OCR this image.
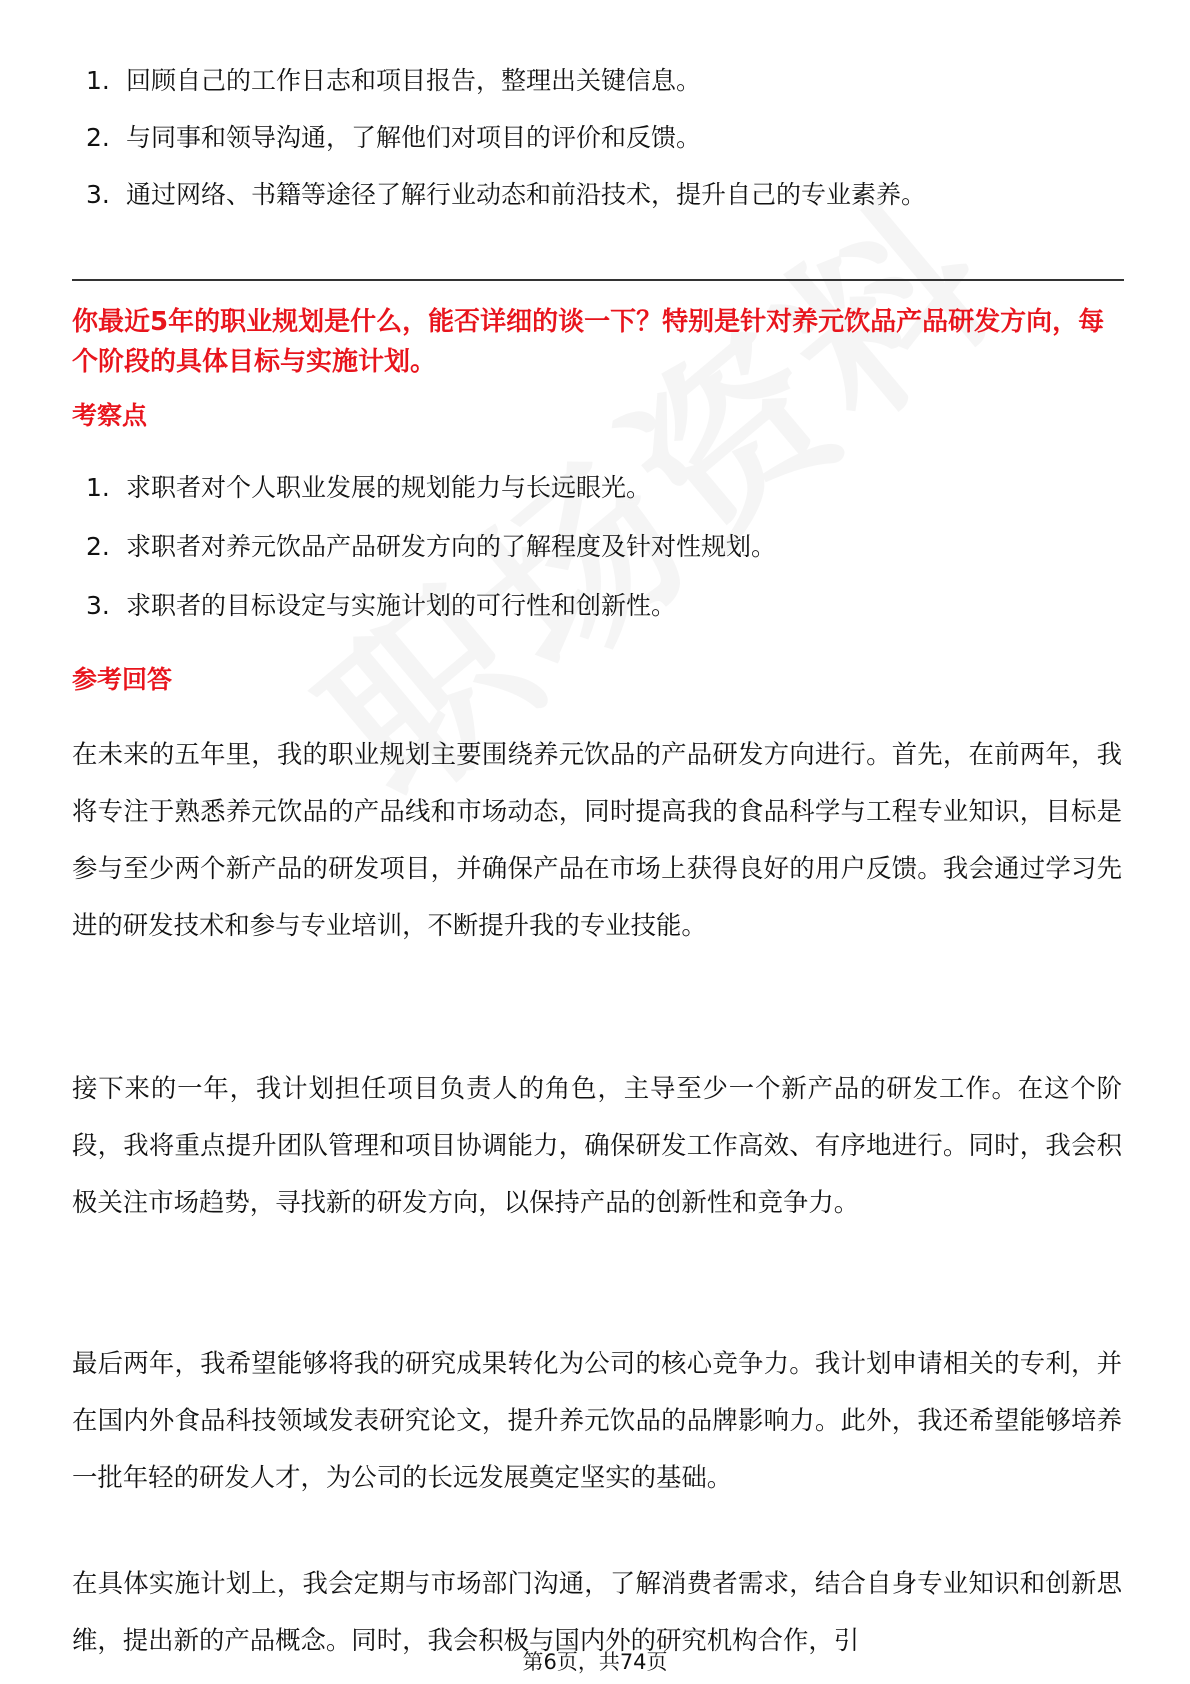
1. 回顾自己的工作日志和项目报告，整理出关键信息。
2. 与同事和领导沟通，了解他们对项目的评价和反馈。
3. 通过网络、书籍等途径了解行业动态和前沿技术，提升自己的专业素养。
你最近5年的职业规划是什么，能否详细的谈一下？特别是针对养元饮品产品研发方向，每个阶段的具体目标与实施计划。
考察点
1. 求职者对个人职业发展的规划能力与长远眼光。
2. 求职者对养元饮品产品研发方向的了解程度及针对性规划。
3. 求职者的目标设定与实施计划的可行性和创新性。
参考回答

在未来的五年里，我的职业规划主要围绕养元饮品的产品研发方向进行。首先，在前两年，我将专注于熟悉养元饮品的产品线和市场动态，同时提高我的食品科学与工程专业知识，目标是参与至少两个新产品的研发项目，并确保产品在市场上获得良好的用户反馈。我会通过学习先进的研发技术和参与专业培训，不断提升我的专业技能。

接下来的一年，我计划担任项目负责人的角色，主导至少一个新产品的研发工作。在这个阶段，我将重点提升团队管理和项目协调能力，确保研发工作高效、有序地进行。同时，我会积极关注市场趋势，寻找新的研发方向，以保持产品的创新性和竞争力。

最后两年，我希望能够将我的研究成果转化为公司的核心竞争力。我计划申请相关的专利，并在国内外食品科技领域发表研究论文，提升养元饮品的品牌影响力。此外，我还希望能够培养一批年轻的研发人才，为公司的长远发展奠定坚实的基础。

在具体实施计划上，我会定期与市场部门沟通，了解消费者需求，结合自身专业知识和创新思维，提出新的产品概念。同时，我会积极与国内外的研究机构合作，引

第6页，共74页
